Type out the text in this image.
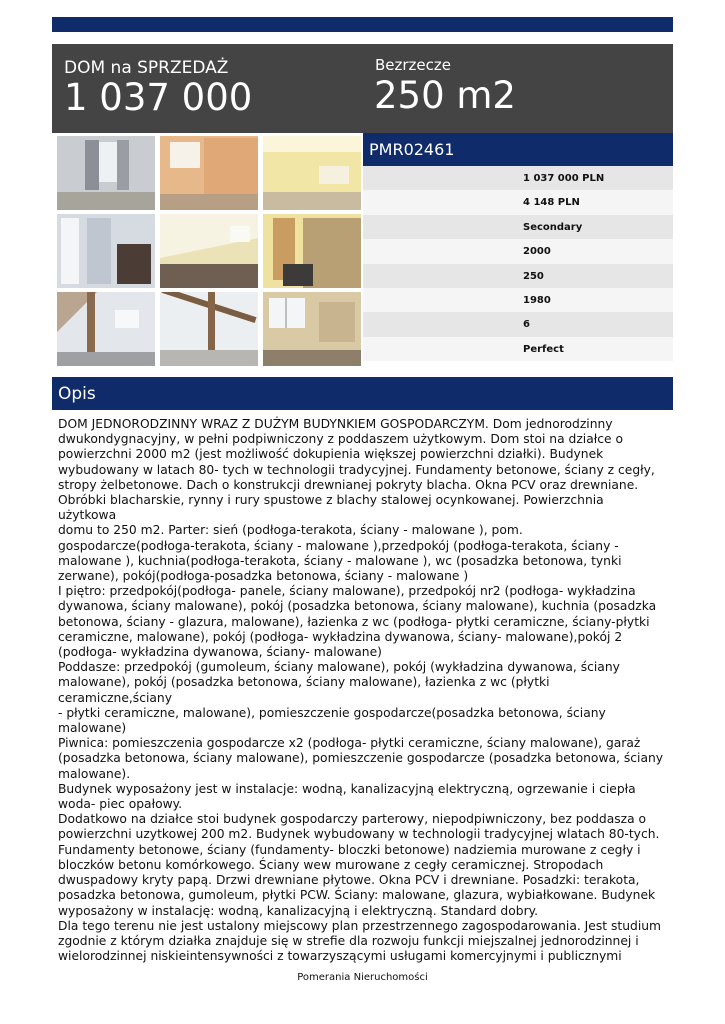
DOM na SPRZEDAŻ
1 037 000
Bezrzecze
250 m2
PMR02461
1 037 000 PLN
4 148 PLN
Secondary
2000
250
1980
6
Perfect
Opis
DOM JEDNORODZINNY WRAZ Z DUŻYM BUDYNKIEM GOSPODARCZYM. Dom jednorodzinny
dwukondygnacyjny, w pełni podpiwniczony z poddaszem użytkowym. Dom stoi na działce o
powierzchni 2000 m2 (jest możliwość dokupienia większej powierzchni działki). Budynek
wybudowany w latach 80- tych w technologii tradycyjnej. Fundamenty betonowe, ściany z cegły,
stropy żelbetonowe. Dach o konstrukcji drewnianej pokryty blacha. Okna PCV oraz drewniane.
Obróbki blacharskie, rynny i rury spustowe z blachy stalowej ocynkowanej. Powierzchnia użytkowa
domu to 250 m2. Parter: sień (podłoga-terakota, ściany - malowane ), pom.
gospodarcze(podłoga-terakota, ściany - malowane ),przedpokój (podłoga-terakota, ściany -
malowane ), kuchnia(podłoga-terakota, ściany - malowane ), wc (posadzka betonowa, tynki
zerwane), pokój(podłoga-posadzka betonowa, ściany - malowane )
I piętro: przedpokój(podłoga- panele, ściany malowane), przedpokój nr2 (podłoga- wykładzina
dywanowa, ściany malowane), pokój (posadzka betonowa, ściany malowane), kuchnia (posadzka
betonowa, ściany - glazura, malowane), łazienka z wc (podłoga- płytki ceramiczne, ściany-płytki
ceramiczne, malowane), pokój (podłoga- wykładzina dywanowa, ściany- malowane),pokój 2
(podłoga- wykładzina dywanowa, ściany- malowane)
Poddasze: przedpokój (gumoleum, ściany malowane), pokój (wykładzina dywanowa, ściany
malowane), pokój (posadzka betonowa, ściany malowane), łazienka z wc (płytki ceramiczne,ściany
- płytki ceramiczne, malowane), pomieszczenie gospodarcze(posadzka betonowa, ściany
malowane)
Piwnica: pomieszczenia gospodarcze x2 (podłoga- płytki ceramiczne, ściany malowane), garaż
(posadzka betonowa, ściany malowane), pomieszczenie gospodarcze (posadzka betonowa, ściany
malowane).
Budynek wyposażony jest w instalacje: wodną, kanalizacyjną elektryczną, ogrzewanie i ciepła
woda- piec opałowy.
Dodatkowo na działce stoi budynek gospodarczy parterowy, niepodpiwniczony, bez poddasza o
powierzchni uzytkowej 200 m2. Budynek wybudowany w technologii tradycyjnej wlatach 80-tych.
Fundamenty betonowe, ściany (fundamenty- bloczki betonowe) nadziemia murowane z cegły i
bloczków betonu komórkowego. Ściany wew murowane z cegły ceramicznej. Stropodach
dwuspadowy kryty papą. Drzwi drewniane płytowe. Okna PCV i drewniane. Posadzki: terakota,
posadzka betonowa, gumoleum, płytki PCW. Ściany: malowane, glazura, wybiałkowane. Budynek
wyposażony w instalację: wodną, kanalizacyjną i elektryczną. Standard dobry.
Dla tego terenu nie jest ustalony miejscowy plan przestrzennego zagospodarowania. Jest studium
zgodnie z którym działka znajduje się w strefie dla rozwoju funkcji miejszalnej jednorodzinnej i
wielorodzinnej niskieintensywności z towarzyszącymi usługami komercyjnymi i publicznymi
Pomerania Nieruchomości
